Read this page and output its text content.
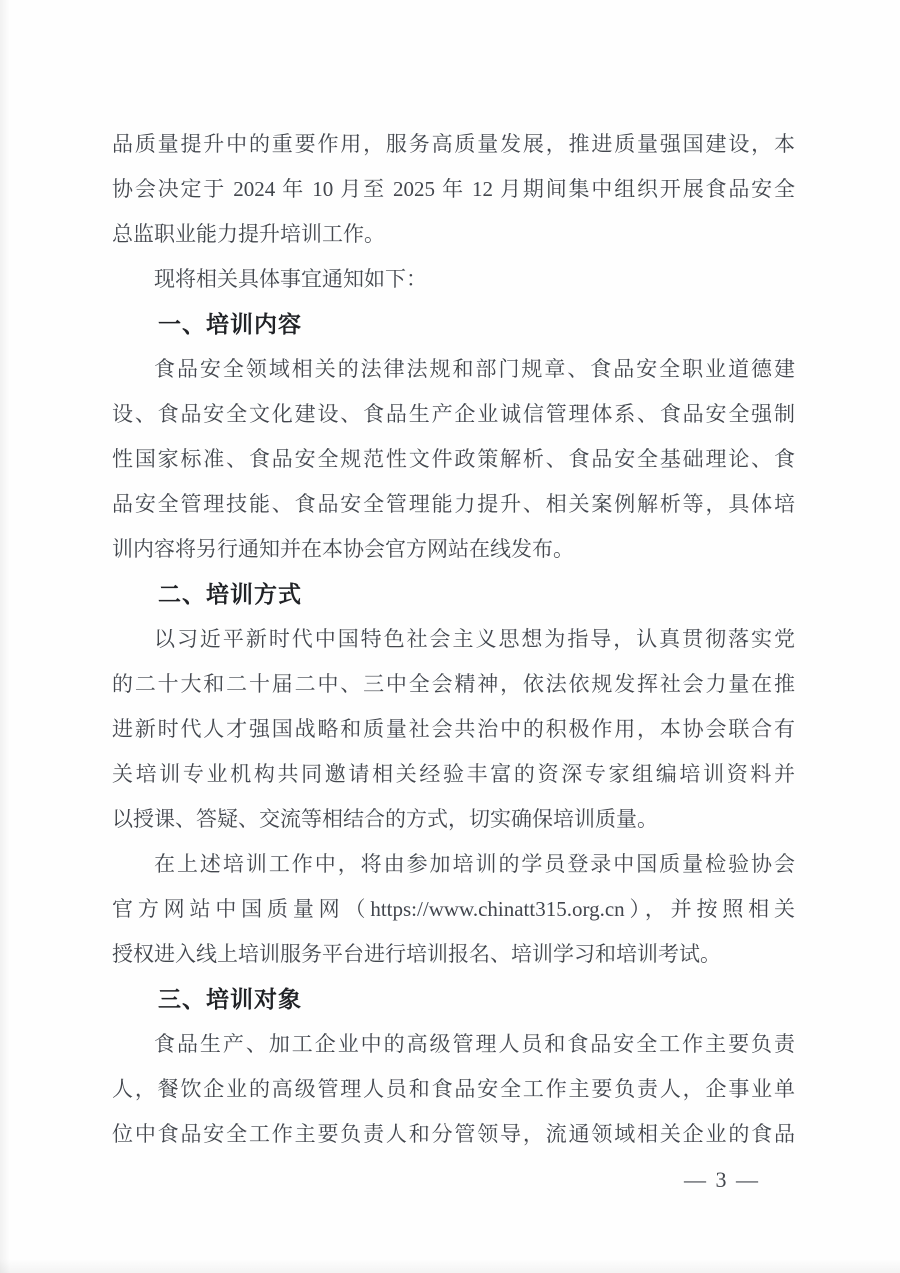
品质量提升中的重要作用，服务高质量发展，推进质量强国建设，本
协会决定于 2024 年 10 月至 2025 年 12 月期间集中组织开展食品安全
总监职业能力提升培训工作。
现将相关具体事宜通知如下：
一、培训内容
食品安全领域相关的法律法规和部门规章、食品安全职业道德建
设、食品安全文化建设、食品生产企业诚信管理体系、食品安全强制
性国家标准、食品安全规范性文件政策解析、食品安全基础理论、食
品安全管理技能、食品安全管理能力提升、相关案例解析等，具体培
训内容将另行通知并在本协会官方网站在线发布。
二、培训方式
以习近平新时代中国特色社会主义思想为指导，认真贯彻落实党
的二十大和二十届二中、三中全会精神，依法依规发挥社会力量在推
进新时代人才强国战略和质量社会共治中的积极作用，本协会联合有
关培训专业机构共同邀请相关经验丰富的资深专家组编培训资料并
以授课、答疑、交流等相结合的方式，切实确保培训质量。
在上述培训工作中，将由参加培训的学员登录中国质量检验协会
官方网站中国质量网（https://www.chinatt315.org.cn），并按照相关
授权进入线上培训服务平台进行培训报名、培训学习和培训考试。
三、培训对象
食品生产、加工企业中的高级管理人员和食品安全工作主要负责
人，餐饮企业的高级管理人员和食品安全工作主要负责人，企事业单
位中食品安全工作主要负责人和分管领导，流通领域相关企业的食品
— 3 —
